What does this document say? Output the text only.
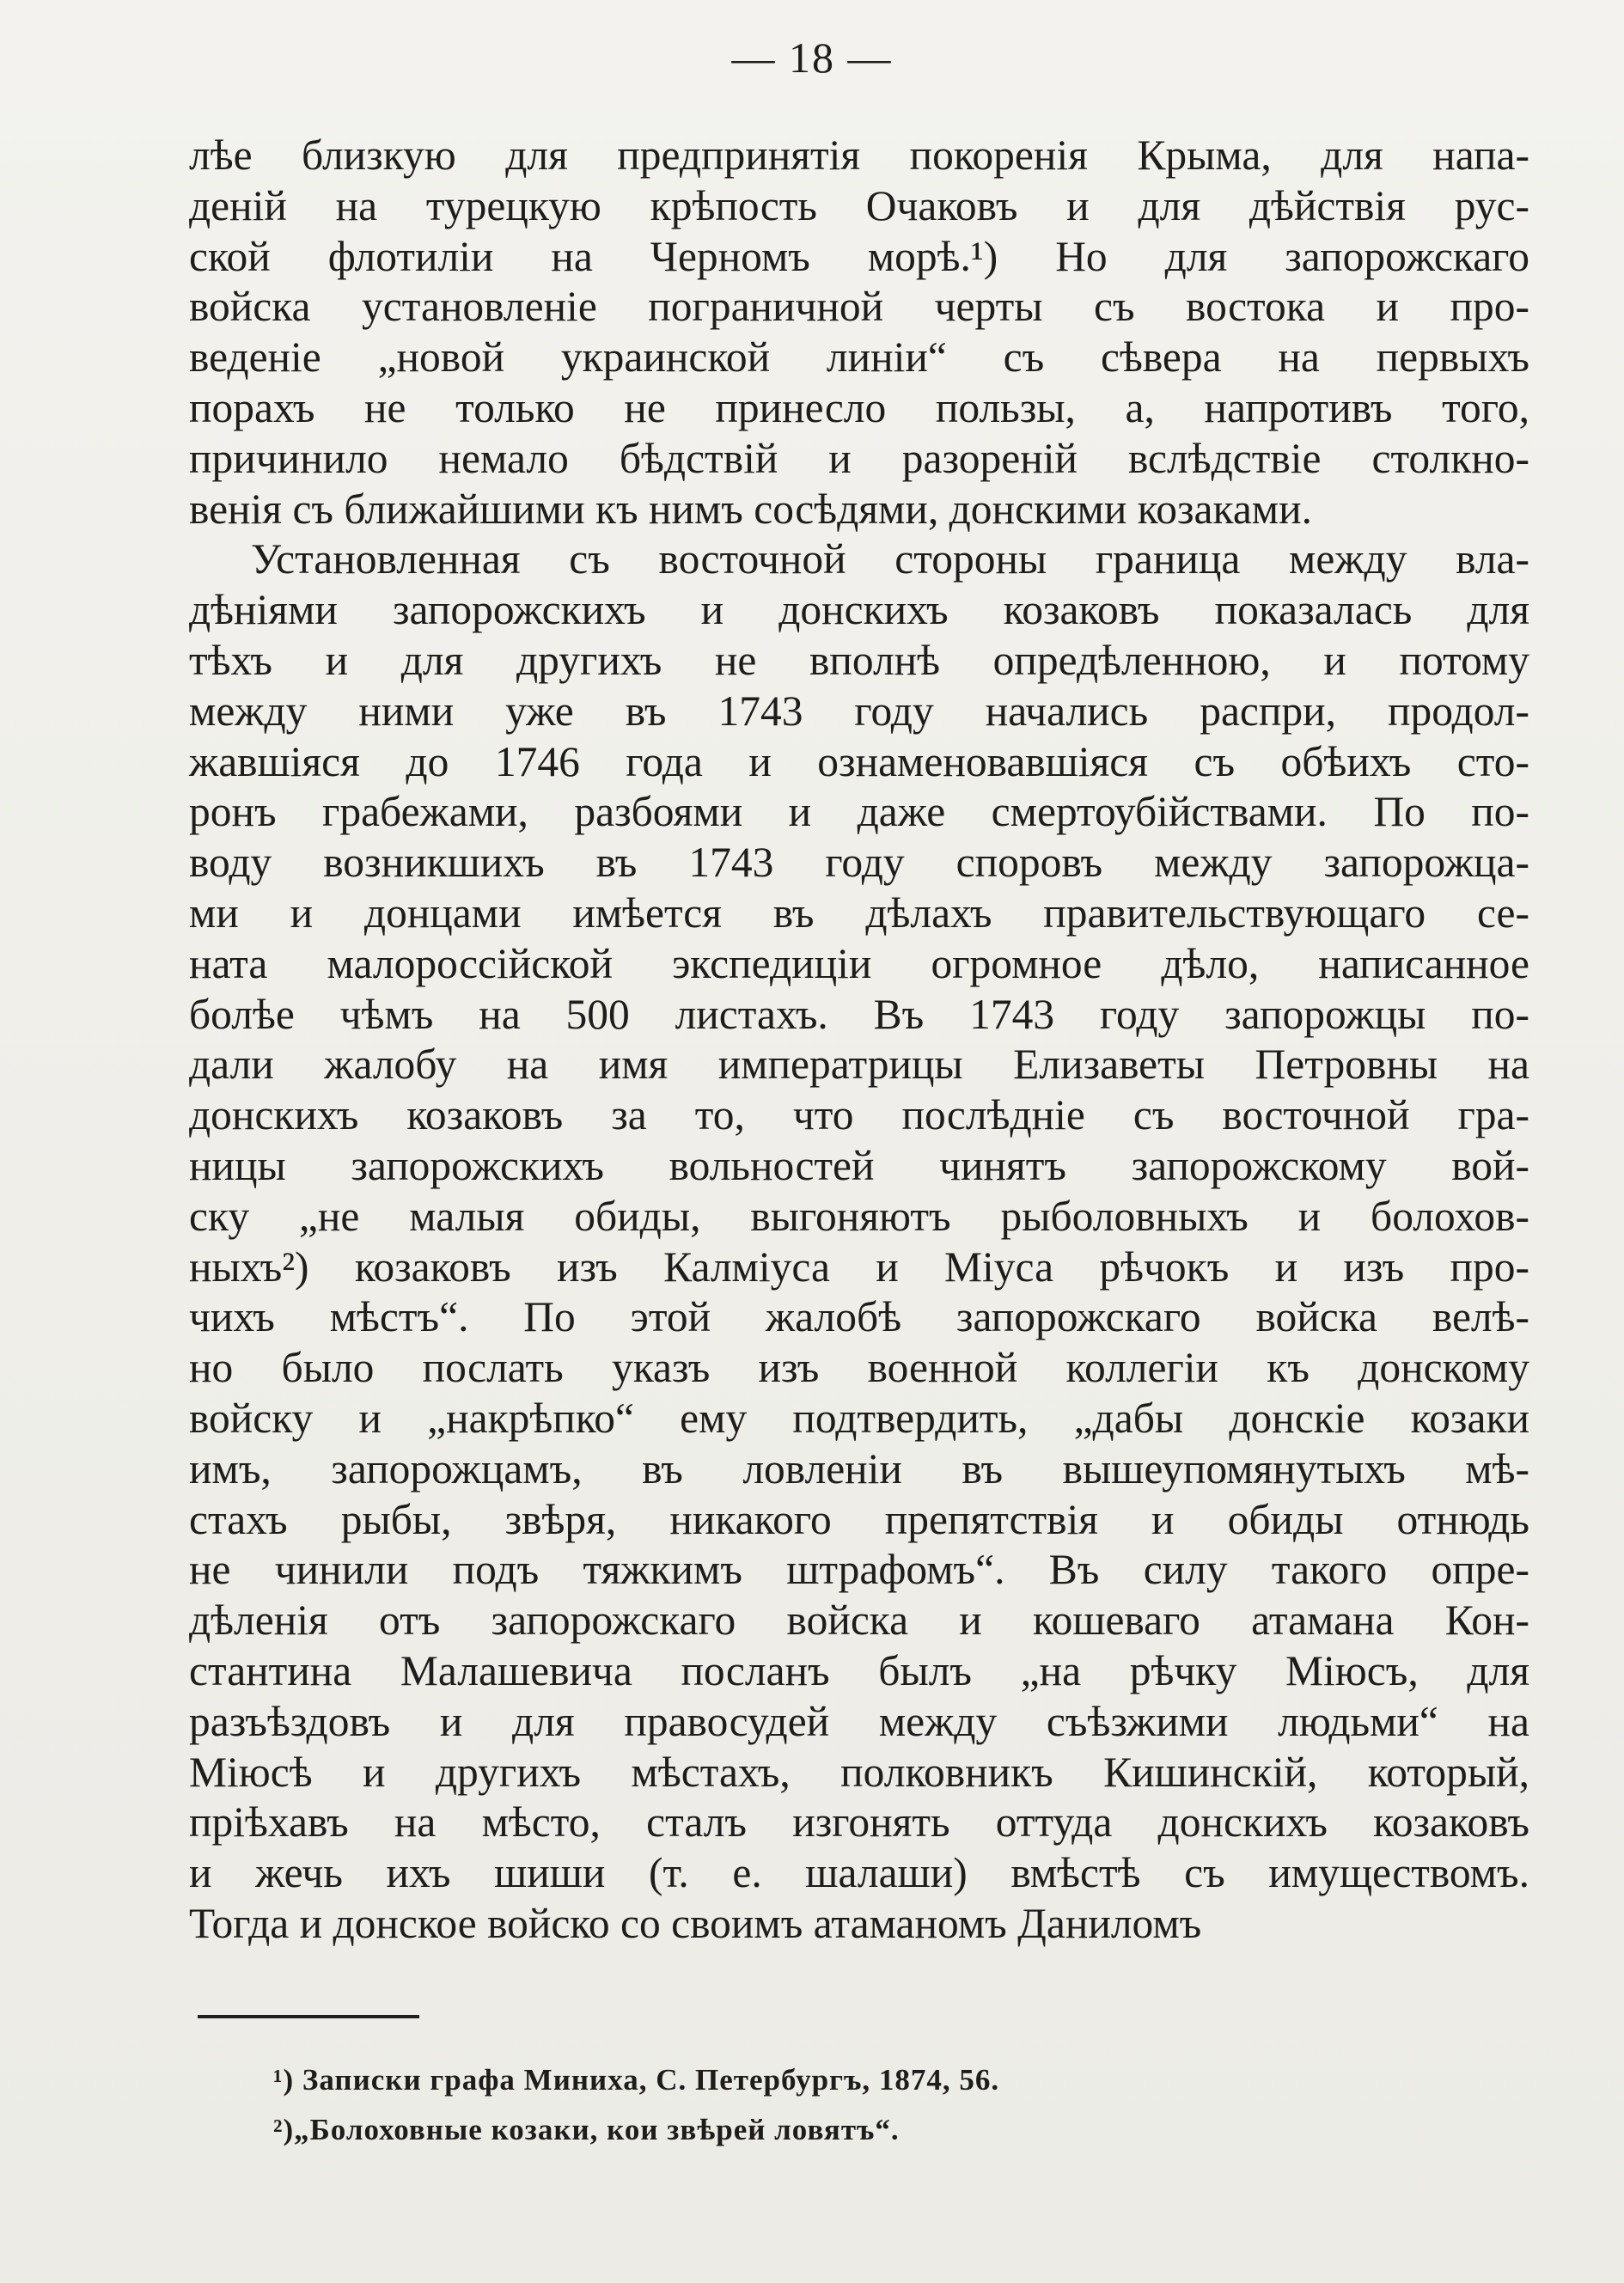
— 18 —
лѣе близкую для предпринятія покоренія Крыма, для напа-
деній на турецкую крѣпость Очаковъ и для дѣйствія рус-
ской флотиліи на Черномъ морѣ.¹) Но для запорожскаго
войска установленіе пограничной черты съ востока и про-
веденіе „новой украинской линіи“ съ сѣвера на первыхъ
порахъ не только не принесло пользы, а, напротивъ того,
причинило немало бѣдствій и разореній вслѣдствіе столкно-
венія съ ближайшими къ нимъ сосѣдями, донскими козаками.
Установленная съ восточной стороны граница между вла-
дѣніями запорожскихъ и донскихъ козаковъ показалась для
тѣхъ и для другихъ не вполнѣ опредѣленною, и потому
между ними уже въ 1743 году начались распри, продол-
жавшіяся до 1746 года и ознаменовавшіяся съ обѣихъ сто-
ронъ грабежами, разбоями и даже смертоубійствами. По по-
воду возникшихъ въ 1743 году споровъ между запорожца-
ми и донцами имѣется въ дѣлахъ правительствующаго се-
ната малороссійской экспедиціи огромное дѣло, написанное
болѣе чѣмъ на 500 листахъ. Въ 1743 году запорожцы по-
дали жалобу на имя императрицы Елизаветы Петровны на
донскихъ козаковъ за то, что послѣдніе съ восточной гра-
ницы запорожскихъ вольностей чинятъ запорожскому вой-
ску „не малыя обиды, выгоняютъ рыболовныхъ и болохов-
ныхъ²) козаковъ изъ Калміуса и Міуса рѣчокъ и изъ про-
чихъ мѣстъ“. По этой жалобѣ запорожскаго войска велѣ-
но было послать указъ изъ военной коллегіи къ донскому
войску и „накрѣпко“ ему подтвердить, „дабы донскіе козаки
имъ, запорожцамъ, въ ловленіи въ вышеупомянутыхъ мѣ-
стахъ рыбы, звѣря, никакого препятствія и обиды отнюдь
не чинили подъ тяжкимъ штрафомъ“. Въ силу такого опре-
дѣленія отъ запорожскаго войска и кошеваго атамана Кон-
стантина Малашевича посланъ былъ „на рѣчку Міюсъ, для
разъѣздовъ и для правосудей между съѣзжими людьми“ на
Міюсѣ и другихъ мѣстахъ, полковникъ Кишинскій, который,
пріѣхавъ на мѣсто, сталъ изгонять оттуда донскихъ козаковъ
и жечь ихъ шиши (т. е. шалаши) вмѣстѣ съ имуществомъ.
Тогда и донское войско со своимъ атаманомъ Даниломъ
¹) Записки графа Миниха, С. Петербургъ, 1874, 56.
²)„Болоховные козаки, кои звѣрей ловятъ“.
